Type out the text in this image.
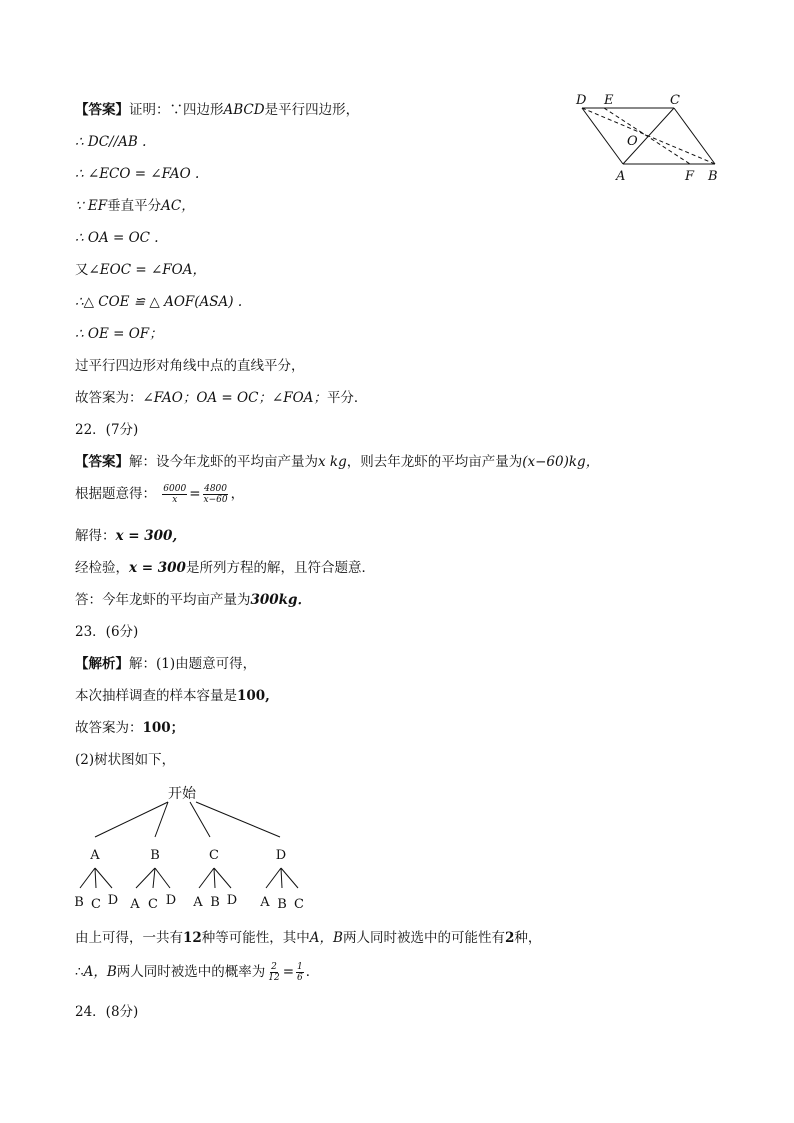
【答案】证明：∵四边形ABCD是平行四边形，
∴ DC//AB .
∴ ∠ECO = ∠FAO .
∵ EF垂直平分AC，
∴ OA = OC .
又∠EOC = ∠FOA，
∴△ COE ≌ △ AOF(ASA) .
∴ OE = OF；
过平行四边形对角线中点的直线平分，
故答案为：∠FAO；OA = OC；∠FOA；平分．
D E	C
O
A	F B
22．(7分)
【答案】解：设今年龙虾的平均亩产量为x kg，则去年龙虾的平均亩产量为(x−60)kg，
根据题意得： $\frac{6000}{x} = \frac{4800}{x-60}$ ，
解得：x = 300,
经检验，x = 300是所列方程的解，且符合题意．
答：今年龙虾的平均亩产量为300kg．
23．(6分)
【解析】解：(1)由题意可得，
本次抽样调查的样本容量是100,
故答案为：100；
(2)树状图如下，
开始
A	B	C	D
B C D A C D A B D A B C
由上可得，一共有12种等可能性，其中A，B两人同时被选中的可能性有2种，
∴A，B两人同时被选中的概率为 $\frac{2}{12} = \frac{1}{6}$ ．
24．(8分)
